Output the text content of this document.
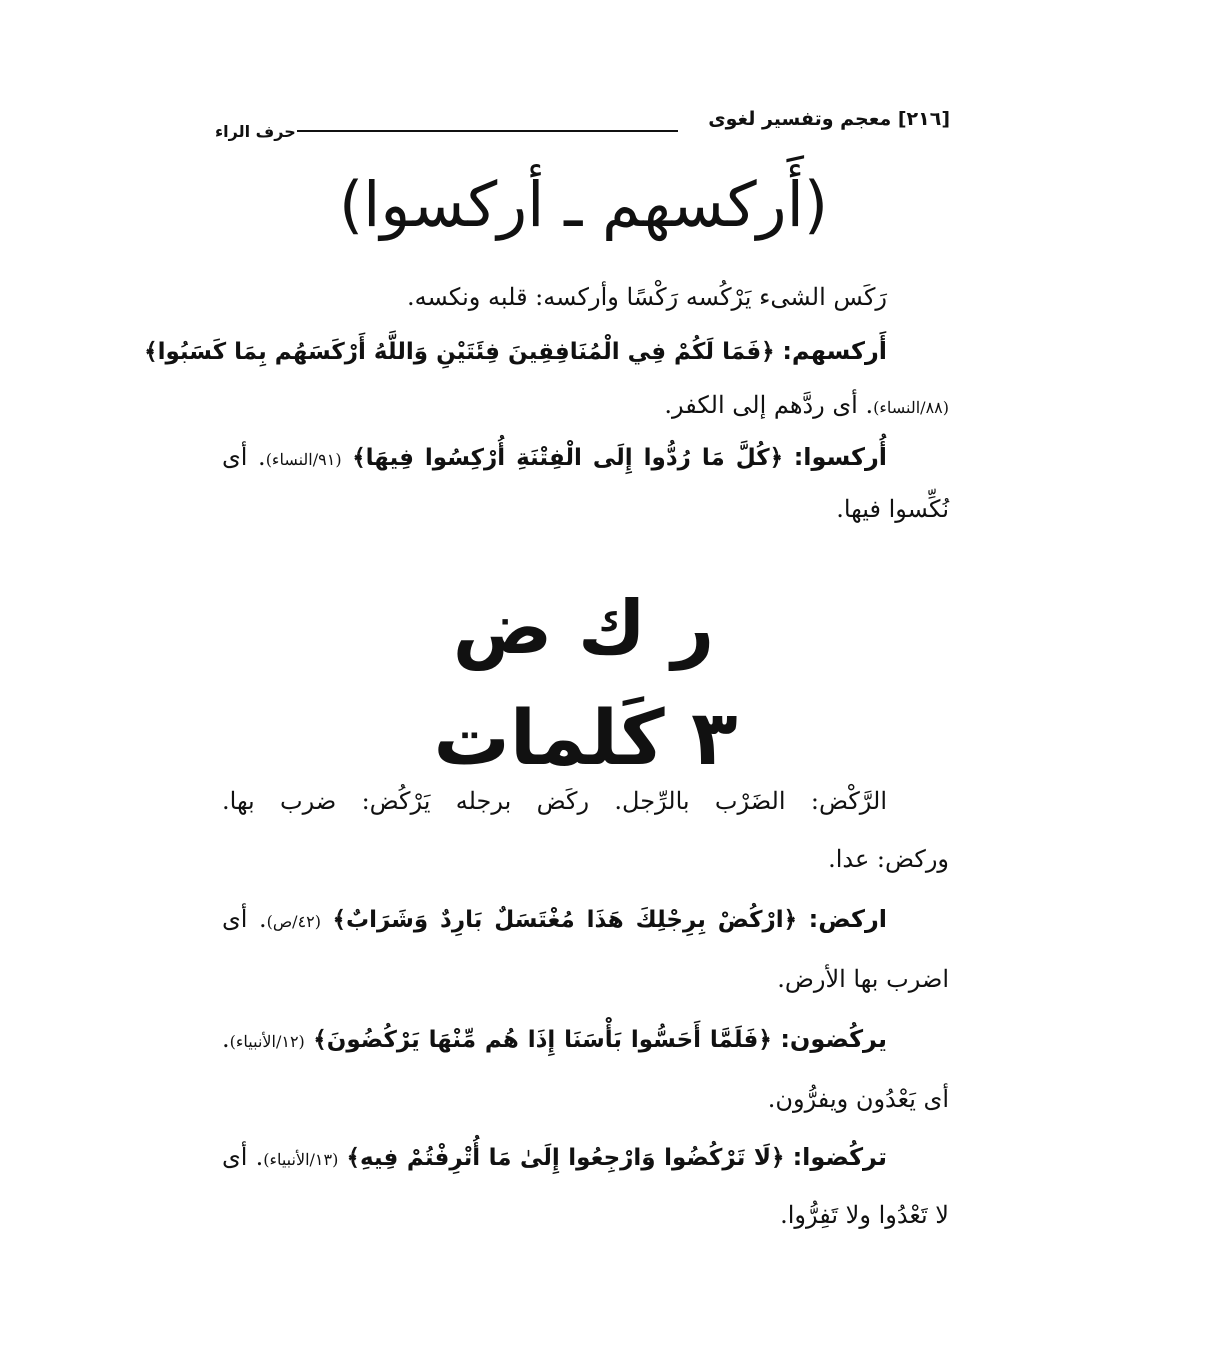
[٢١٦] معجم وتفسير لغوى
حرف الراء
(أَركسهم ـ أركسوا)
رَكَس الشىء يَرْكُسه رَكْسًا وأركسه: قلبه ونكسه.
أَركسهم: ﴿فَمَا لَكُمْ فِي الْمُنَافِقِينَ فِئَتَيْنِ وَاللَّهُ أَرْكَسَهُم بِمَا كَسَبُوا﴾
(٨٨/النساء). أى ردَّهم إلى الكفر.
أُركسوا: ﴿كُلَّ مَا رُدُّوا إِلَى الْفِتْنَةِ أُرْكِسُوا فِيهَا﴾ (٩١/النساء). أى
نُكِّسوا فيها.
ر ك ض
٣ كَلمات
الرَّكْض: الضَرْب بالرِّجل. ركَض برجله يَرْكُض: ضرب بها.
وركض: عدا.
اركض: ﴿ارْكُضْ بِرِجْلِكَ هَذَا مُغْتَسَلٌ بَارِدٌ وَشَرَابٌ﴾ (٤٢/ص). أى
اضرب بها الأرض.
يركُضون: ﴿فَلَمَّا أَحَسُّوا بَأْسَنَا إِذَا هُم مِّنْهَا يَرْكُضُونَ﴾ (١٢/الأنبياء).
أى يَعْدُون ويفرُّون.
تركُضوا: ﴿لَا تَرْكُضُوا وَارْجِعُوا إِلَىٰ مَا أُتْرِفْتُمْ فِيهِ﴾ (١٣/الأنبياء). أى
لا تَعْدُوا ولا تَفِرُّوا.
